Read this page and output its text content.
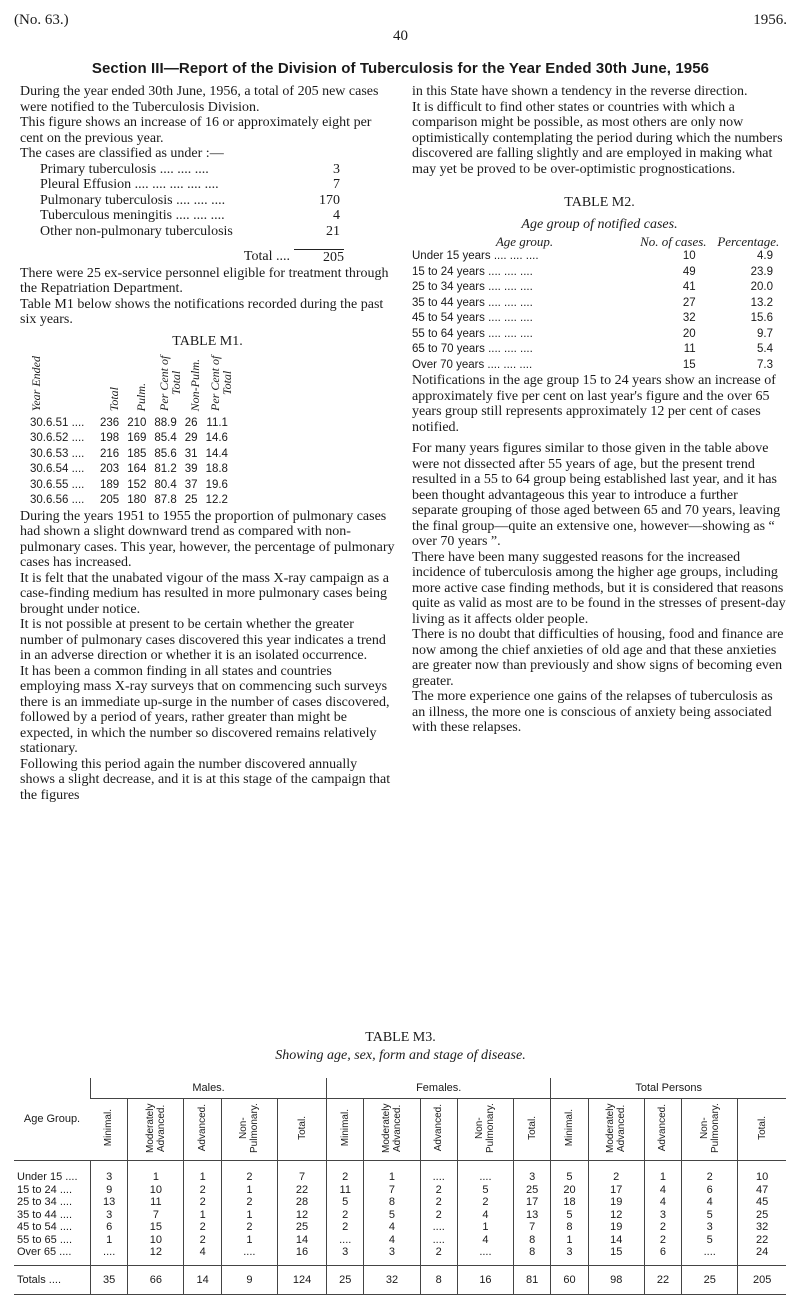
(No. 63.)	1956.
40
Section III—Report of the Division of Tuberculosis for the Year Ended 30th June, 1956

During the year ended 30th June, 1956, a total of 205 new cases were notified to the Tuberculosis Division.

This figure shows an increase of 16 or approximately eight per cent on the previous year.

The cases are classified as under :—

Primary tuberculosis .... .... ....	3
Pleural Effusion .... .... .... .... ....	7
Pulmonary tuberculosis .... .... ....	170
Tuberculous meningitis .... .... ....	4
Other non-pulmonary tuberculosis	21
Total ....	205

There were 25 ex-service personnel eligible for treatment through the Repatriation Department.

Table M1 below shows the notifications recorded during the past six years.

TABLE M1.
Year Ended	Total	Pulm.	Per Cent of Total	Non-Pulm.	Per Cent of Total
30.6.51 ....	236	210	88.9	26	11.1
30.6.52 ....	198	169	85.4	29	14.6
30.6.53 ....	216	185	85.6	31	14.4
30.6.54 ....	203	164	81.2	39	18.8
30.6.55 ....	189	152	80.4	37	19.6
30.6.56 ....	205	180	87.8	25	12.2

During the years 1951 to 1955 the proportion of pulmonary cases had shown a slight downward trend as compared with non-pulmonary cases. This year, however, the percentage of pulmonary cases has increased.

It is felt that the unabated vigour of the mass X-ray campaign as a case-finding medium has resulted in more pulmonary cases being brought under notice.

It is not possible at present to be certain whether the greater number of pulmonary cases discovered this year indicates a trend in an adverse direction or whether it is an isolated occurrence.

It has been a common finding in all states and countries employing mass X-ray surveys that on commencing such surveys there is an immediate up-surge in the number of cases discovered, followed by a period of years, rather greater than might be expected, in which the number so discovered remains relatively stationary.

Following this period again the number discovered annually shows a slight decrease, and it is at this stage of the campaign that the figures

in this State have shown a tendency in the reverse direction.

It is difficult to find other states or countries with which a comparison might be possible, as most others are only now optimistically contemplating the period during which the numbers discovered are falling slightly and are employed in making what may yet be proved to be over-optimistic prognostications.

TABLE M2.
Age group of notified cases.
Age group.	No. of cases.	Percentage.
Under 15 years .... .... ....	10	4.9
15 to 24 years .... .... ....	49	23.9
25 to 34 years .... .... ....	41	20.0
35 to 44 years .... .... ....	27	13.2
45 to 54 years .... .... ....	32	15.6
55 to 64 years .... .... ....	20	9.7
65 to 70 years .... .... ....	11	5.4
Over 70 years .... .... ....	15	7.3

Notifications in the age group 15 to 24 years show an increase of approximately five per cent on last year's figure and the over 65 years group still represents approximately 12 per cent of cases notified.

For many years figures similar to those given in the table above were not dissected after 55 years of age, but the present trend resulted in a 55 to 64 group being established last year, and it has been thought advantageous this year to introduce a further separate grouping of those aged between 65 and 70 years, leaving the final group—quite an extensive one, however—showing as “ over 70 years ”.

There have been many suggested reasons for the increased incidence of tuberculosis among the higher age groups, including more active case finding methods, but it is considered that reasons quite as valid as most are to be found in the stresses of present-day living as it affects older people.

There is no doubt that difficulties of housing, food and finance are now among the chief anxieties of old age and that these anxieties are greater now than previously and show signs of becoming even greater.

The more experience one gains of the relapses of tuberculosis as an illness, the more one is conscious of anxiety being associated with these relapses.

TABLE M3.
Showing age, sex, form and stage of disease.
Age Group.	Males.					Females.					Total Persons				
	Minimal.	Moderately Advanced.	Advanced.	Non-Pulmonary.	Total.	Minimal.	Moderately Advanced.	Advanced.	Non-Pulmonary.	Total.	Minimal.	Moderately Advanced.	Advanced.	Non-Pulmonary.	Total.
Under 15 ....	3	1	1	2	7	2	1	....	....	3	5	2	1	2	10
15 to 24 ....	9	10	2	1	22	11	7	2	5	25	20	17	4	6	47
25 to 34 ....	13	11	2	2	28	5	8	2	2	17	18	19	4	4	45
35 to 44 ....	3	7	1	1	12	2	5	2	4	13	5	12	3	5	25
45 to 54 ....	6	15	2	2	25	2	4	....	1	7	8	19	2	3	32
55 to 65 ....	1	10	2	1	14	....	4	....	4	8	1	14	2	5	22
Over 65 ....	....	12	4	....	16	3	3	2	....	8	3	15	6	....	24
Totals ....	35	66	14	9	124	25	32	8	16	81	60	98	22	25	205
